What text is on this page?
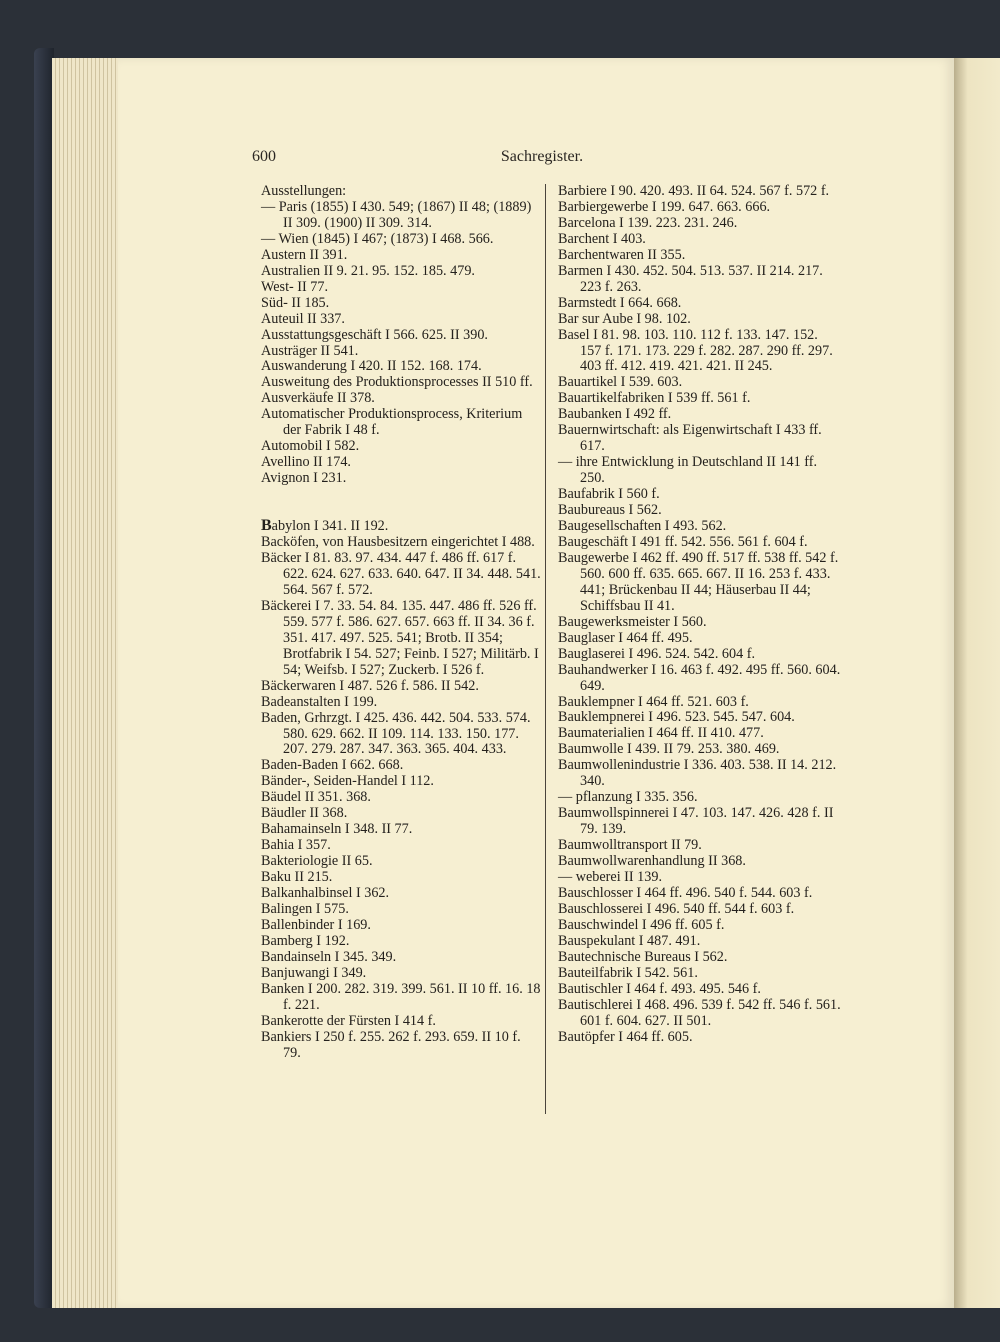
600	Sachregister.
Ausstellungen:
— Paris (1855) I 430. 549; (1867) II 48; (1889) II 309. (1900) II 309. 314.
— Wien (1845) I 467; (1873) I 468. 566.
Austern II 391.
Australien II 9. 21. 95. 152. 185. 479.
West- II 77.
Süd- II 185.
Auteuil II 337.
Ausstattungsgeschäft I 566. 625. II 390.
Austräger II 541.
Auswanderung I 420. II 152. 168. 174.
Ausweitung des Produktionsprocesses II 510 ff.
Ausverkäufe II 378.
Automatischer Produktionsprocess, Kriterium der Fabrik I 48 f.
Automobil I 582.
Avellino II 174.
Avignon I 231.
Babylon I 341. II 192.
Backöfen, von Hausbesitzern eingerichtet I 488.
Bäcker I 81. 83. 97. 434. 447 f. 486 ff. 617 f. 622. 624. 627. 633. 640. 647. II 34. 448. 541. 564. 567 f. 572.
Bäckerei I 7. 33. 54. 84. 135. 447. 486 ff. 526 ff. 559. 577 f. 586. 627. 657. 663 ff. II 34. 36 f. 351. 417. 497. 525. 541; Brotb. II 354; Brotfabrik I 54. 527; Feinb. I 527; Militärb. I 54; Weifsb. I 527; Zuckerb. I 526 f.
Bäckerwaren I 487. 526 f. 586. II 542.
Badeanstalten I 199.
Baden, Grhrzgt. I 425. 436. 442. 504. 533. 574. 580. 629. 662. II 109. 114. 133. 150. 177. 207. 279. 287. 347. 363. 365. 404. 433.
Baden-Baden I 662. 668.
Bänder-, Seiden-Handel I 112.
Bäudel II 351. 368.
Bäudler II 368.
Bahamainseln I 348. II 77.
Bahia I 357.
Bakteriologie II 65.
Baku II 215.
Balkanhalbinsel I 362.
Balingen I 575.
Ballenbinder I 169.
Bamberg I 192.
Bandainseln I 345. 349.
Banjuwangi I 349.
Banken I 200. 282. 319. 399. 561. II 10 ff. 16. 18 f. 221.
Bankerotte der Fürsten I 414 f.
Bankiers I 250 f. 255. 262 f. 293. 659. II 10 f. 79.
Barbiere I 90. 420. 493. II 64. 524. 567 f. 572 f.
Barbiergewerbe I 199. 647. 663. 666.
Barcelona I 139. 223. 231. 246.
Barchent I 403.
Barchentwaren II 355.
Barmen I 430. 452. 504. 513. 537. II 214. 217. 223 f. 263.
Barmstedt I 664. 668.
Bar sur Aube I 98. 102.
Basel I 81. 98. 103. 110. 112 f. 133. 147. 152. 157 f. 171. 173. 229 f. 282. 287. 290 ff. 297. 403 ff. 412. 419. 421. 421. II 245.
Bauartikel I 539. 603.
Bauartikelfabriken I 539 ff. 561 f.
Baubanken I 492 ff.
Bauernwirtschaft: als Eigenwirtschaft I 433 ff. 617.
— ihre Entwicklung in Deutschland II 141 ff. 250.
Baufabrik I 560 f.
Baubureaus I 562.
Baugesellschaften I 493. 562.
Baugeschäft I 491 ff. 542. 556. 561 f. 604 f.
Baugewerbe I 462 ff. 490 ff. 517 ff. 538 ff. 542 f. 560. 600 ff. 635. 665. 667. II 16. 253 f. 433. 441; Brückenbau II 44; Häuserbau II 44; Schiffsbau II 41.
Baugewerksmeister I 560.
Bauglaser I 464 ff. 495.
Bauglaserei I 496. 524. 542. 604 f.
Bauhandwerker I 16. 463 f. 492. 495 ff. 560. 604. 649.
Bauklempner I 464 ff. 521. 603 f.
Bauklempnerei I 496. 523. 545. 547. 604.
Baumaterialien I 464 ff. II 410. 477.
Baumwolle I 439. II 79. 253. 380. 469.
Baumwollenindustrie I 336. 403. 538. II 14. 212. 340.
— pflanzung I 335. 356.
Baumwollspinnerei I 47. 103. 147. 426. 428 f. II 79. 139.
Baumwolltransport II 79.
Baumwollwarenhandlung II 368.
— weberei II 139.
Bauschlosser I 464 ff. 496. 540 f. 544. 603 f.
Bauschlosserei I 496. 540 ff. 544 f. 603 f.
Bauschwindel I 496 ff. 605 f.
Bauspekulant I 487. 491.
Bautechnische Bureaus I 562.
Bauteilfabrik I 542. 561.
Bautischler I 464 f. 493. 495. 546 f.
Bautischlerei I 468. 496. 539 f. 542 ff. 546 f. 561. 601 f. 604. 627. II 501.
Bautöpfer I 464 ff. 605.
